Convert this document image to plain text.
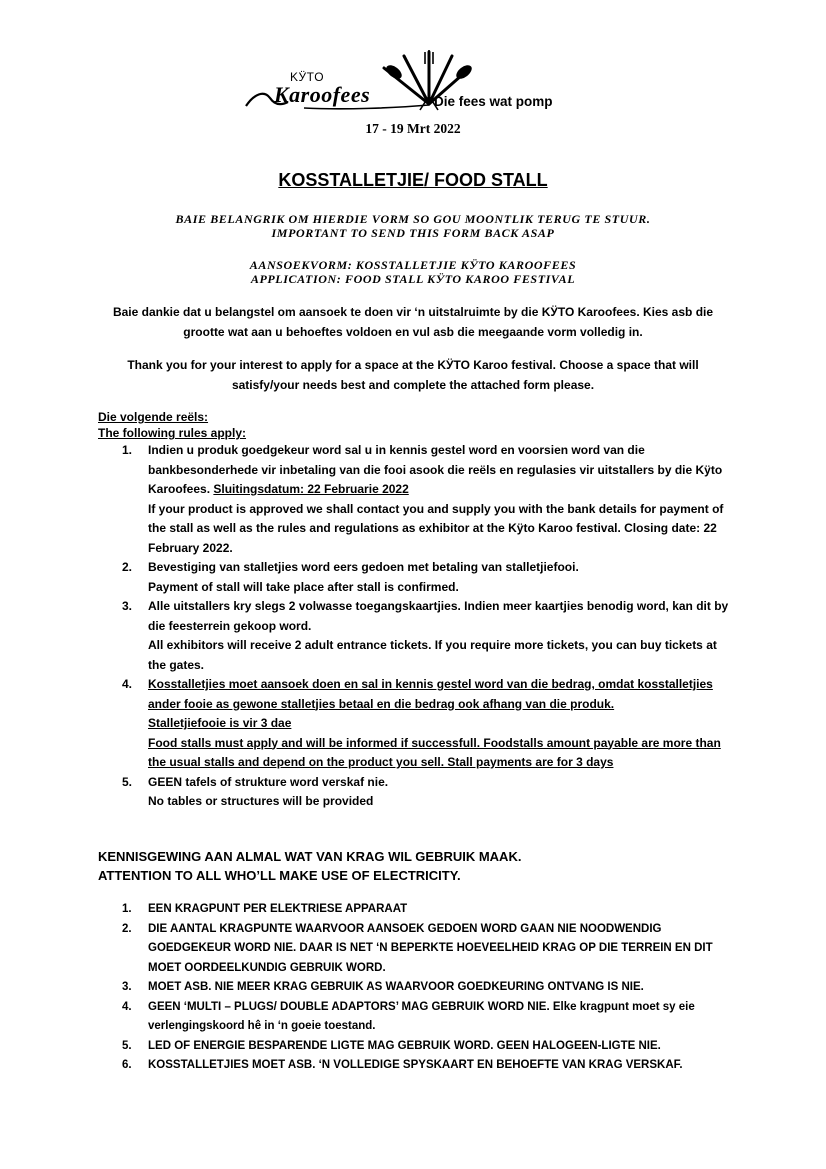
KӰTO
Karoofees	Die fees wat pomp
17 - 19 Mrt 2022
KOSSTALLETJIE/ FOOD STALL
BAIE BELANGRIK OM HIERDIE VORM SO GOU MOONTLIK TERUG TE STUUR.
IMPORTANT TO SEND THIS FORM BACK ASAP
AANSOEKVORM: KOSSTALLETJIE KӰTO KAROOFEES
APPLICATION: FOOD STALL KӰTO KAROO FESTIVAL
Baie dankie dat u belangstel om aansoek te doen vir ‘n uitstalruimte by die KӰTO Karoofees. Kies asb die grootte wat aan u behoeftes voldoen en vul asb die meegaande vorm volledig in.
Thank you for your interest to apply for a space at the KӰTO Karoo festival. Choose a space that will satisfy/your needs best and complete the attached form please.
Die volgende reëls:
The following rules apply:
1. Indien u produk goedgekeur word sal u in kennis gestel word en voorsien word van die bankbesonderhede vir inbetaling van die fooi asook die reëls en regulasies vir uitstallers by die Kӱto Karoofees. Sluitingsdatum: 22 Februarie 2022
If your product is approved we shall contact you and supply you with the bank details for payment of the stall as well as the rules and regulations as exhibitor at the Kӱto Karoo festival. Closing date: 22 February 2022.
2. Bevestiging van stalletjies word eers gedoen met betaling van stalletjiefooi.
Payment of stall will take place after stall is confirmed.
3. Alle uitstallers kry slegs 2 volwasse toegangskaartjies. Indien meer kaartjies benodig word, kan dit by die feesterrein gekoop word.
All exhibitors will receive 2 adult entrance tickets. If you require more tickets, you can buy tickets at the gates.
4. Kosstalletjies moet aansoek doen en sal in kennis gestel word van die bedrag, omdat kosstalletjies ander fooie as gewone stalletjies betaal en die bedrag ook afhang van die produk.
Stalletjiefooie is vir 3 dae
Food stalls must apply and will be informed if successfull. Foodstalls amount payable are more than the usual stalls and depend on the product you sell. Stall payments are for 3 days
5. GEEN tafels of strukture word verskaf nie.
No tables or structures will be provided
KENNISGEWING AAN ALMAL WAT VAN KRAG WIL GEBRUIK MAAK.
ATTENTION TO ALL WHO’LL MAKE USE OF ELECTRICITY.
1. EEN KRAGPUNT PER ELEKTRIESE APPARAAT
2. DIE AANTAL KRAGPUNTE WAARVOOR AANSOEK GEDOEN WORD GAAN NIE NOODWENDIG GOEDGEKEUR WORD NIE. DAAR IS NET ‘N BEPERKTE HOEVEELHEID KRAG OP DIE TERREIN EN DIT MOET OORDEELKUNDIG GEBRUIK WORD.
3. MOET ASB. NIE MEER KRAG GEBRUIK AS WAARVOOR GOEDKEURING ONTVANG IS NIE.
4. GEEN ‘MULTI – PLUGS/ DOUBLE ADAPTORS’ MAG GEBRUIK WORD NIE. Elke kragpunt moet sy eie verlengingskoord hê in ‘n goeie toestand.
5. LED OF ENERGIE BESPARENDE LIGTE MAG GEBRUIK WORD. GEEN HALOGEEN-LIGTE NIE.
6. KOSSTALLETJIES MOET ASB. ‘N VOLLEDIGE SPYSKAART EN BEHOEFTE VAN KRAG VERSKAF.
